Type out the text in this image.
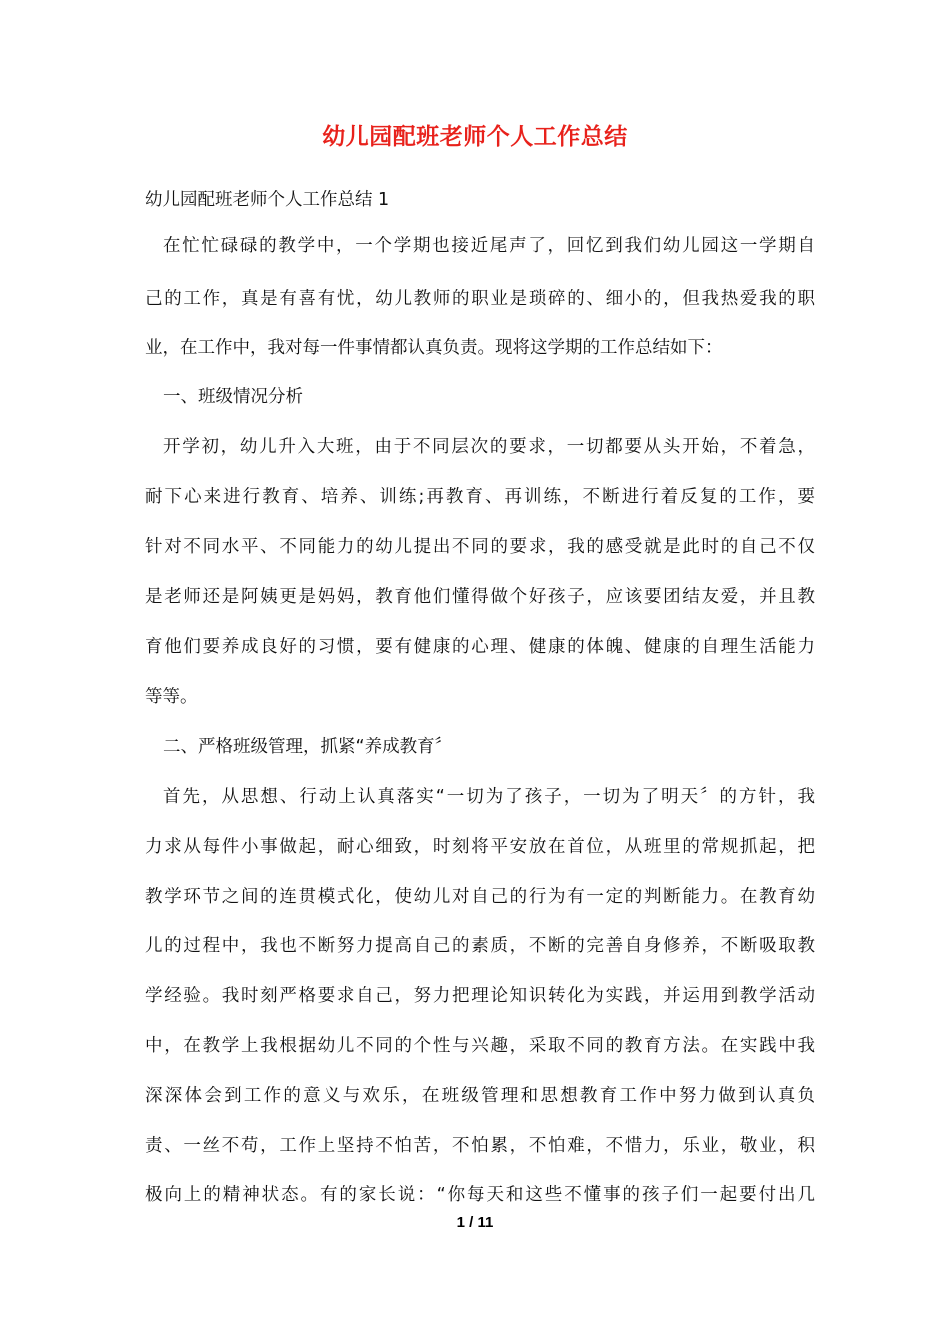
幼儿园配班老师个人工作总结

幼儿园配班老师个人工作总结 1

在忙忙碌碌的教学中，一个学期也接近尾声了，回忆到我们幼儿园这一学期自

己的工作，真是有喜有忧，幼儿教师的职业是琐碎的、细小的，但我热爱我的职

业，在工作中，我对每一件事情都认真负责。现将这学期的工作总结如下：

一、班级情况分析

开学初，幼儿升入大班，由于不同层次的要求，一切都要从头开始，不着急，

耐下心来进行教育、培养、训练;再教育、再训练，不断进行着反复的工作，要

针对不同水平、不同能力的幼儿提出不同的要求，我的感受就是此时的自己不仅

是老师还是阿姨更是妈妈，教育他们懂得做个好孩子，应该要团结友爱，并且教

育他们要养成良好的习惯，要有健康的心理、健康的体魄、健康的自理生活能力

等等。

二、严格班级管理，抓紧“养成教育〞

首先，从思想、行动上认真落实“一切为了孩子，一切为了明天〞的方针，我

力求从每件小事做起，耐心细致，时刻将平安放在首位，从班里的常规抓起，把

教学环节之间的连贯模式化，使幼儿对自己的行为有一定的判断能力。在教育幼

儿的过程中，我也不断努力提高自己的素质，不断的完善自身修养，不断吸取教

学经验。我时刻严格要求自己，努力把理论知识转化为实践，并运用到教学活动

中，在教学上我根据幼儿不同的个性与兴趣，采取不同的教育方法。在实践中我

深深体会到工作的意义与欢乐，在班级管理和思想教育工作中努力做到认真负

责、一丝不苟，工作上坚持不怕苦，不怕累，不怕难，不惜力，乐业，敬业，积

极向上的精神状态。有的家长说：“你每天和这些不懂事的孩子们一起要付出几

1 / 11
